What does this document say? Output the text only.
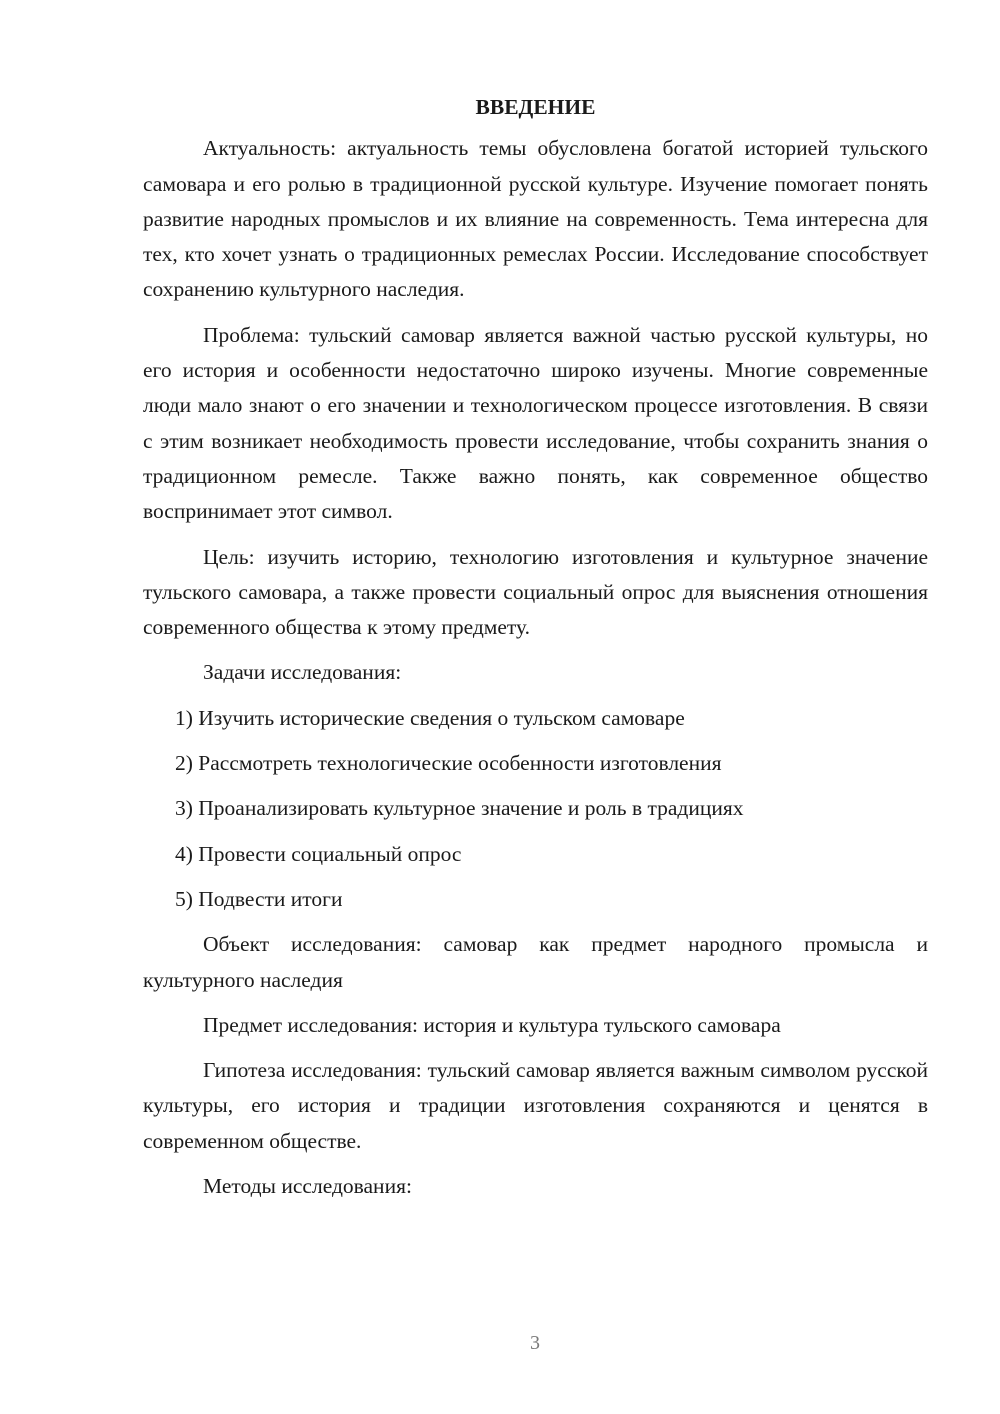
ВВЕДЕНИЕ

Актуальность: актуальность темы обусловлена богатой историей тульского самовара и его ролью в традиционной русской культуре. Изучение помогает понять развитие народных промыслов и их влияние на современность. Тема интересна для тех, кто хочет узнать о традиционных ремеслах России. Исследование способствует сохранению культурного наследия.

Проблема: тульский самовар является важной частью русской культуры, но его история и особенности недостаточно широко изучены. Многие современные люди мало знают о его значении и технологическом процессе изготовления. В связи с этим возникает необходимость провести исследование, чтобы сохранить знания о традиционном ремесле. Также важно понять, как современное общество воспринимает этот символ.

Цель: изучить историю, технологию изготовления и культурное значение тульского самовара, а также провести социальный опрос для выяснения отношения современного общества к этому предмету.

Задачи исследования:

1) Изучить исторические сведения о тульском самоваре
2) Рассмотреть технологические особенности изготовления
3) Проанализировать культурное значение и роль в традициях
4) Провести социальный опрос
5) Подвести итоги

Объект исследования: самовар как предмет народного промысла и культурного наследия

Предмет исследования: история и культура тульского самовара

Гипотеза исследования: тульский самовар является важным символом русской культуры, его история и традиции изготовления сохраняются и ценятся в современном обществе.

Методы исследования:

3
